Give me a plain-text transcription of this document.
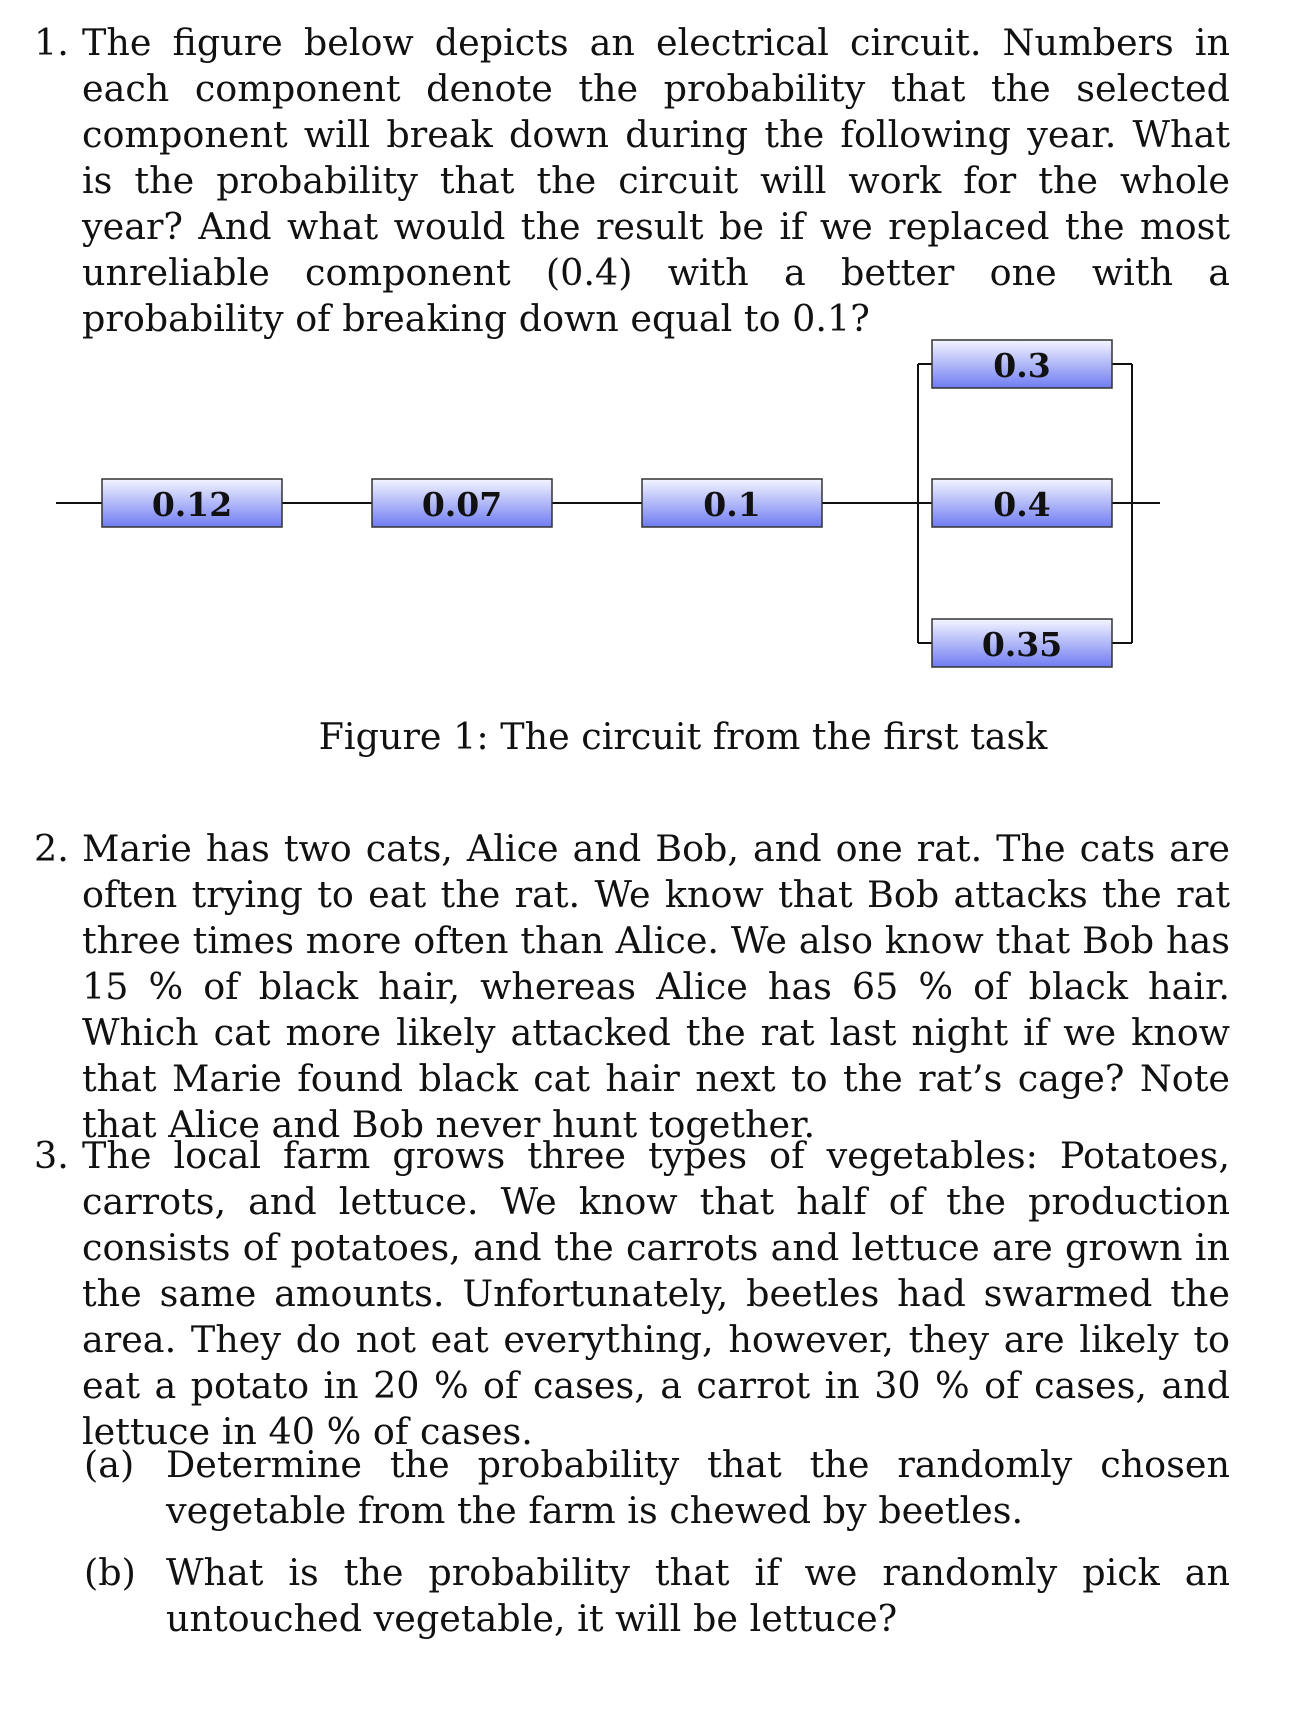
1. The figure below depicts an electrical circuit. Numbers in each component denote the probability that the selected component will break down during the following year. What is the probability that the circuit will work for the whole year? And what would the result be if we replaced the most unreliable component (0.4) with a better one with a probability of breaking down equal to 0.1?
0.12	0.07	0.1
0.3
0.4
0.35
Figure 1: The circuit from the first task
2. Marie has two cats, Alice and Bob, and one rat. The cats are often trying to eat the rat. We know that Bob attacks the rat three times more often than Alice. We also know that Bob has 15 % of black hair, whereas Alice has 65 % of black hair. Which cat more likely attacked the rat last night if we know that Marie found black cat hair next to the rat’s cage? Note that Alice and Bob never hunt together.
3. The local farm grows three types of vegetables: Potatoes, carrots, and lettuce. We know that half of the production consists of potatoes, and the carrots and lettuce are grown in the same amounts. Unfortunately, beetles had swarmed the area. They do not eat everything, however, they are likely to eat a potato in 20 % of cases, a carrot in 30 % of cases, and lettuce in 40 % of cases.
(a) Determine the probability that the randomly chosen vegetable from the farm is chewed by beetles.
(b) What is the probability that if we randomly pick an untouched vegetable, it will be lettuce?
